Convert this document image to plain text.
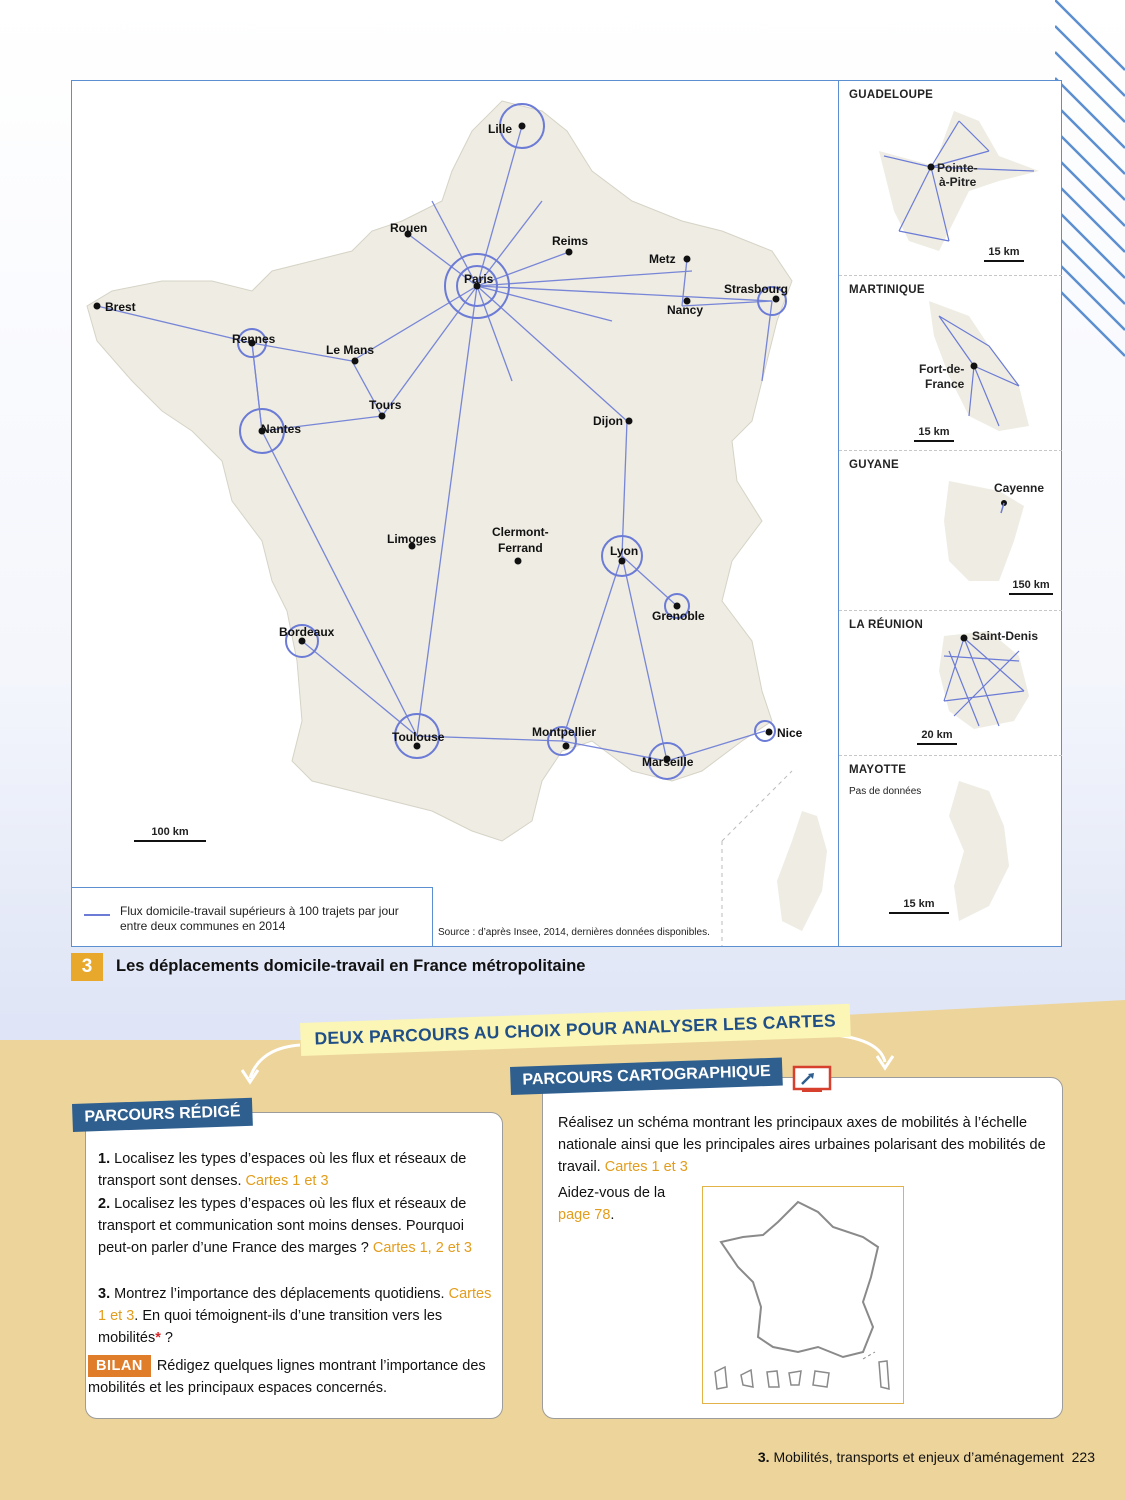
Lille
Rouen
Reims
Metz
Paris
Strasbourg
Nancy
Brest
Rennes
Le Mans
Tours
Nantes
Dijon
Limoges	Clermont-
Ferrand	Lyon
Grenoble
Bordeaux
Toulouse	Montpellier
Marseille
Nice
100 km
Flux domicile-travail supérieurs à 100 trajets par jour entre deux communes en 2014	Source : d’après Insee, 2014, dernières données disponibles.
GUADELOUPE
Pointe-
à-Pitre
15 km
MARTINIQUE
Fort-de-
France
15 km
GUYANE
Cayenne
150 km
LA RÉUNION
Saint-Denis
20 km
MAYOTTE
Pas de données
15 km
3	Les déplacements domicile-travail en France métropolitaine
DEUX PARCOURS AU CHOIX POUR ANALYSER LES CARTES
PARCOURS RÉDIGÉ
1. Localisez les types d’espaces où les flux et réseaux de transport sont denses. Cartes 1 et 3
2. Localisez les types d’espaces où les flux et réseaux de transport et communication sont moins denses. Pourquoi peut-on parler d’une France des marges ? Cartes 1, 2 et 3
3. Montrez l’importance des déplacements quotidiens. Cartes 1 et 3. En quoi témoignent-ils d’une transition vers les mobilités* ?
BILAN Rédigez quelques lignes montrant l’importance des mobilités et les principaux espaces concernés.
PARCOURS CARTOGRAPHIQUE
Réalisez un schéma montrant les principaux axes de mobilités à l’échelle nationale ainsi que les principales aires urbaines polarisant des mobilités de travail. Cartes 1 et 3
Aidez-vous de la page 78.
3. Mobilités, transports et enjeux d’aménagement 223
